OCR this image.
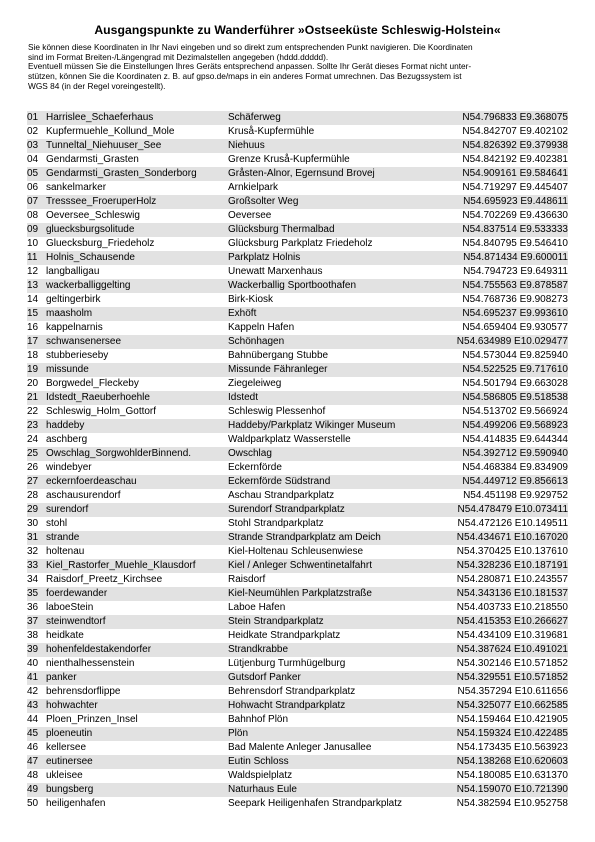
Ausgangspunkte zu Wanderführer »Ostseeküste Schleswig-Holstein«

Sie können diese Koordinaten in Ihr Navi eingeben und so direkt zum entsprechenden Punkt navigieren. Die Koordinaten

sind im Format Breiten-/Längengrad mit Dezimalstellen angegeben (hddd.ddddd).

Eventuell müssen Sie die Einstellungen Ihres Geräts entsprechend anpassen. Sollte Ihr Gerät dieses Format nicht unter-

stützen, können Sie die Koordinaten z. B. auf gpso.de/maps in ein anderes Format umrechnen. Das Bezugssystem ist

WGS 84 (in der Regel voreingestellt).

01 Harrislee_Schaeferhaus	Schäferweg	N54.796833 E9.368075
02 Kupfermuehle_Kollund_Mole	Kruså-Kupfermühle	N54.842707 E9.402102
03 Tunneltal_Niehuuser_See	Niehuus	N54.826392 E9.379938
04 Gendarmsti_Grasten	Grenze Kruså-Kupfermühle	N54.842192 E9.402381
05 Gendarmsti_Grasten_Sonderborg	Gråsten-Alnor, Egernsund Brovej	N54.909161 E9.584641
06 sankelmarker	Arnkielpark	N54.719297 E9.445407
07 Tresssee_FroeruperHolz	Großsolter Weg	N54.695923 E9.448611
08 Oeversee_Schleswig	Oeversee	N54.702269 E9.436630
09 gluecksburgsolitude	Glücksburg Thermalbad	N54.837514 E9.533333
10 Gluecksburg_Friedeholz	Glücksburg Parkplatz Friedeholz	N54.840795 E9.546410
11 Holnis_Schausende	Parkplatz Holnis	N54.871434 E9.600011
12 langballigau	Unewatt Marxenhaus	N54.794723 E9.649311
13 wackerballiggelting	Wackerballig Sportboothafen	N54.755563 E9.878587
14 geltingerbirk	Birk-Kiosk	N54.768736 E9.908273
15 maasholm	Exhöft	N54.695237 E9.993610
16 kappelnarnis	Kappeln Hafen	N54.659404 E9.930577
17 schwansenersee	Schönhagen	N54.634989 E10.029477
18 stubberieseby	Bahnübergang Stubbe	N54.573044 E9.825940
19 missunde	Missunde Fähranleger	N54.522525 E9.717610
20 Borgwedel_Fleckeby	Ziegeleiweg	N54.501794 E9.663028
21 Idstedt_Raeuberhoehle	Idstedt	N54.586805 E9.518538
22 Schleswig_Holm_Gottorf	Schleswig Plessenhof	N54.513702 E9.566924
23 haddeby	Haddeby/Parkplatz Wikinger Museum	N54.499206 E9.568923
24 aschberg	Waldparkplatz Wasserstelle	N54.414835 E9.644344
25 Owschlag_SorgwohlderBinnend.	Owschlag	N54.392712 E9.590940
26 windebyer	Eckernförde	N54.468384 E9.834909
27 eckernfoerdeaschau	Eckernförde Südstrand	N54.449712 E9.856613
28 aschausurendorf	Aschau Strandparkplatz	N54.451198 E9.929752
29 surendorf	Surendorf Strandparkplatz	N54.478479 E10.073411
30 stohl	Stohl Strandparkplatz	N54.472126 E10.149511
31 strande	Strande Strandparkplatz am Deich	N54.434671 E10.167020
32 holtenau	Kiel-Holtenau Schleusenwiese	N54.370425 E10.137610
33 Kiel_Rastorfer_Muehle_Klausdorf	Kiel / Anleger Schwentinetalfahrt	N54.328236 E10.187191
34 Raisdorf_Preetz_Kirchsee	Raisdorf	N54.280871 E10.243557
35 foerdewander	Kiel-Neumühlen Parkplatzstraße	N54.343136 E10.181537
36 laboeStein	Laboe Hafen	N54.403733 E10.218550
37 steinwendtorf	Stein Strandparkplatz	N54.415353 E10.266627
38 heidkate	Heidkate Strandparkplatz	N54.434109 E10.319681
39 hohenfeldestakendorfer	Strandkrabbe	N54.387624 E10.491021
40 nienthalhessenstein	Lütjenburg Turmhügelburg	N54.302146 E10.571852
41 panker	Gutsdorf Panker	N54.329551 E10.571852
42 behrensdorflippe	Behrensdorf Strandparkplatz	N54.357294 E10.611656
43 hohwachter	Hohwacht Strandparkplatz	N54.325077 E10.662585
44 Ploen_Prinzen_Insel	Bahnhof Plön	N54.159464 E10.421905
45 ploeneutin	Plön	N54.159324 E10.422485
46 kellersee	Bad Malente Anleger Janusallee	N54.173435 E10.563923
47 eutinersee	Eutin Schloss	N54.138268 E10.620603
48 ukleisee	Waldspielplatz	N54.180085 E10.631370
49 bungsberg	Naturhaus Eule	N54.159070 E10.721390
50 heiligenhafen	Seepark Heiligenhafen Strandparkplatz	N54.382594 E10.952758
